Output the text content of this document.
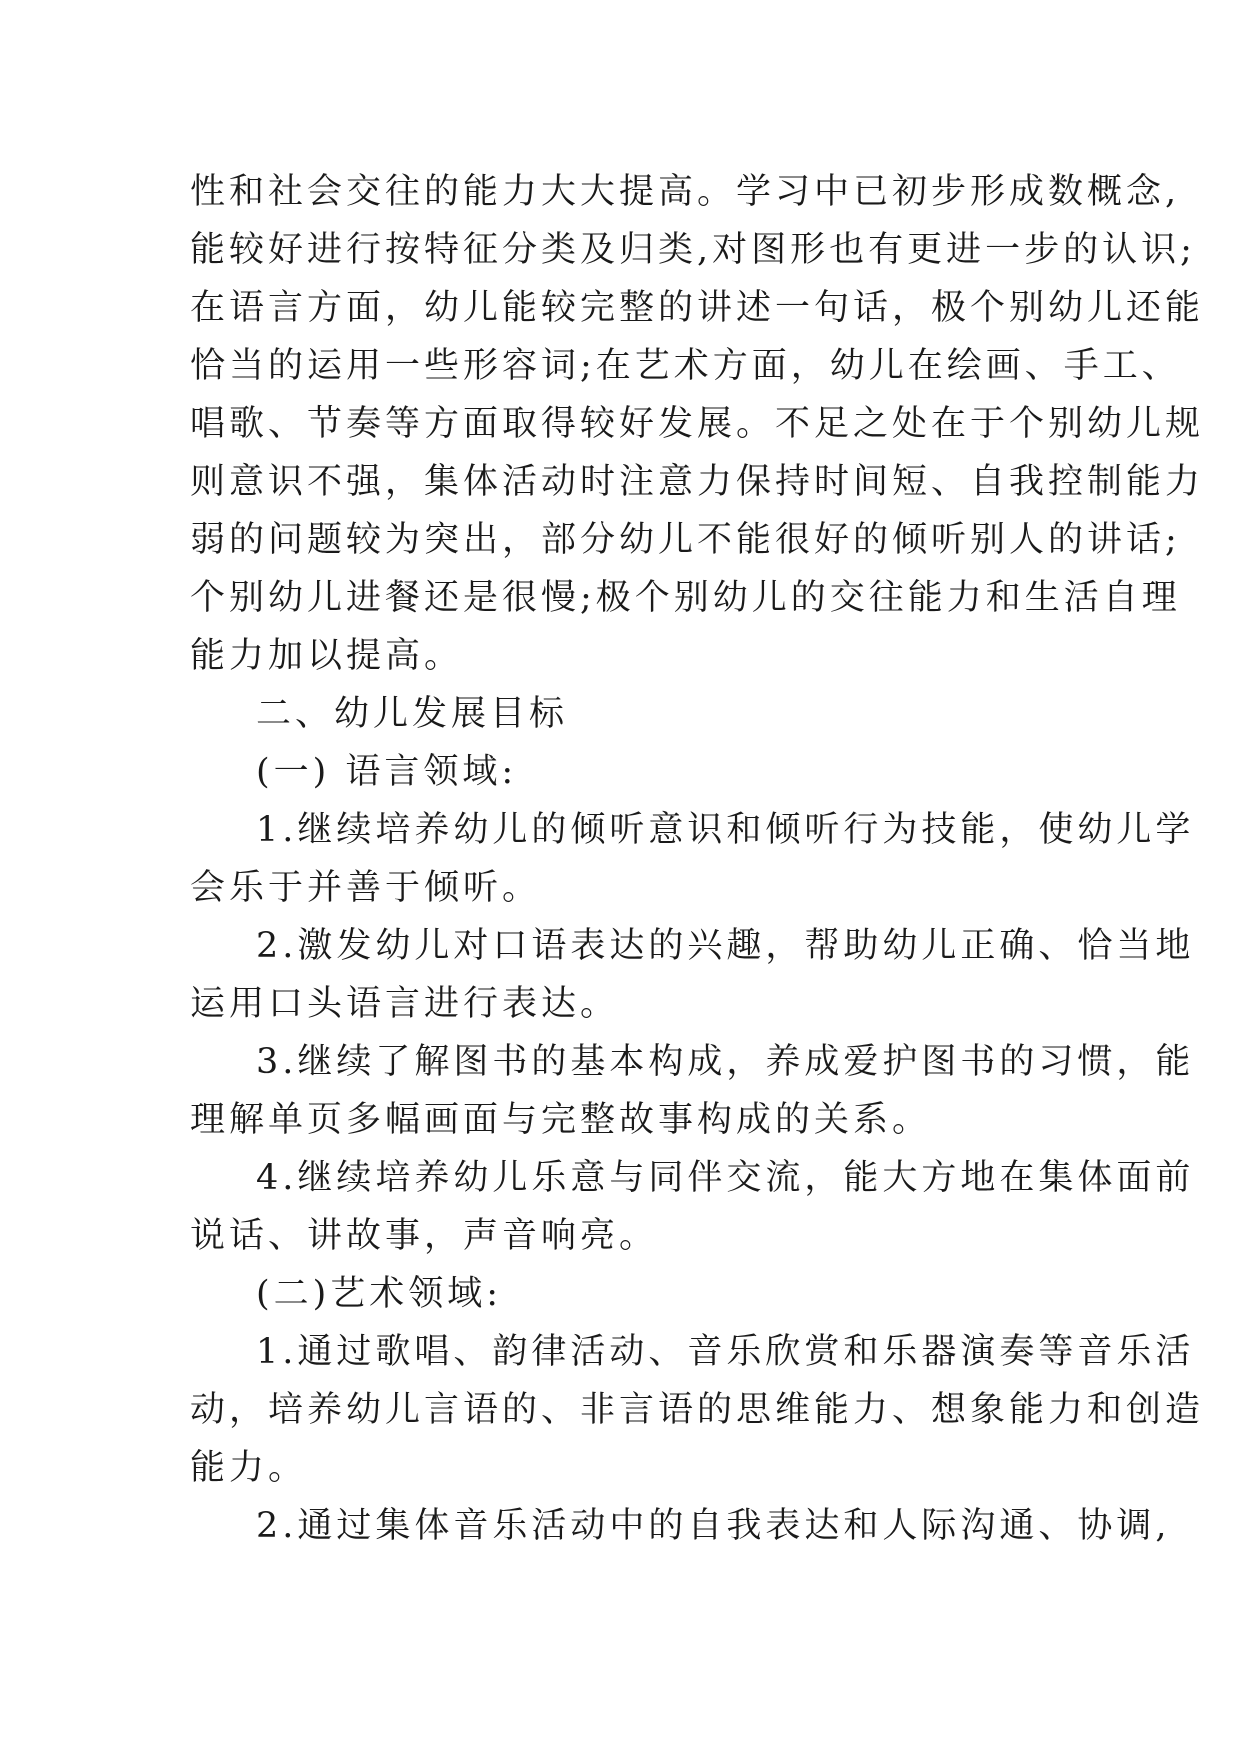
性和社会交往的能力大大提高。学习中已初步形成数概念,
能较好进行按特征分类及归类,对图形也有更进一步的认识;
在语言方面，幼儿能较完整的讲述一句话，极个别幼儿还能
恰当的运用一些形容词;在艺术方面，幼儿在绘画、手工、
唱歌、节奏等方面取得较好发展。不足之处在于个别幼儿规
则意识不强，集体活动时注意力保持时间短、自我控制能力
弱的问题较为突出，部分幼儿不能很好的倾听别人的讲话;
个别幼儿进餐还是很慢;极个别幼儿的交往能力和生活自理
能力加以提高。
二、幼儿发展目标
(一) 语言领域:
1.继续培养幼儿的倾听意识和倾听行为技能，使幼儿学
会乐于并善于倾听。
2.激发幼儿对口语表达的兴趣，帮助幼儿正确、恰当地
运用口头语言进行表达。
3.继续了解图书的基本构成，养成爱护图书的习惯，能
理解单页多幅画面与完整故事构成的关系。
4.继续培养幼儿乐意与同伴交流，能大方地在集体面前
说话、讲故事，声音响亮。
(二)艺术领域:
1.通过歌唱、韵律活动、音乐欣赏和乐器演奏等音乐活
动，培养幼儿言语的、非言语的思维能力、想象能力和创造
能力。
2.通过集体音乐活动中的自我表达和人际沟通、协调,
